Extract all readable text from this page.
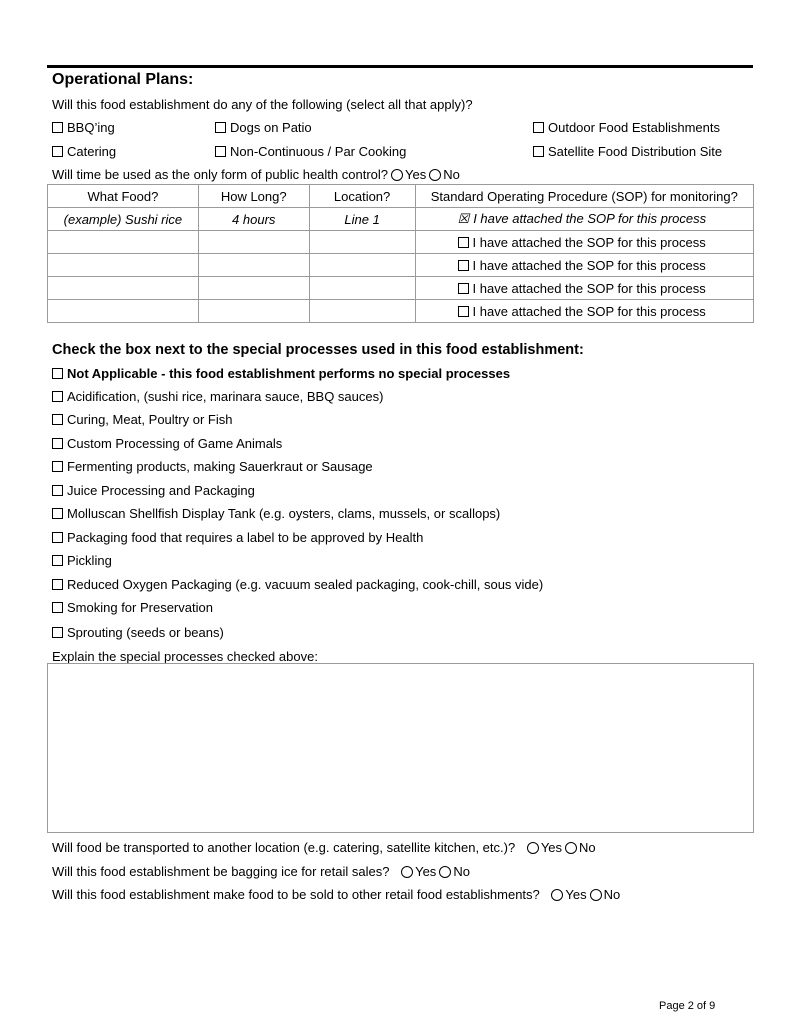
Operational Plans:
Will this food establishment do any of the following (select all that apply)?
BBQ’ing	Dogs on Patio	Outdoor Food Establishments
Catering	Non-Continuous / Par Cooking	Satellite Food Distribution Site
Will time be used as the only form of public health control? Yes No
What Food?	How Long?	Location?	Standard Operating Procedure (SOP) for monitoring?
(example) Sushi rice	4 hours	Line 1	☒ I have attached the SOP for this process
			I have attached the SOP for this process
			I have attached the SOP for this process
			I have attached the SOP for this process
			I have attached the SOP for this process
Check the box next to the special processes used in this food establishment:
Not Applicable - this food establishment performs no special processes
Acidification, (sushi rice, marinara sauce, BBQ sauces)
Curing, Meat, Poultry or Fish
Custom Processing of Game Animals
Fermenting products, making Sauerkraut or Sausage
Juice Processing and Packaging
Molluscan Shellfish Display Tank (e.g. oysters, clams, mussels, or scallops)
Packaging food that requires a label to be approved by Health
Pickling
Reduced Oxygen Packaging (e.g. vacuum sealed packaging, cook-chill, sous vide)
Smoking for Preservation
Sprouting (seeds or beans)
Explain the special processes checked above:
Will food be transported to another location (e.g. catering, satellite kitchen, etc.)? Yes No
Will this food establishment be bagging ice for retail sales? Yes No
Will this food establishment make food to be sold to other retail food establishments? Yes No
Page 2 of 9
